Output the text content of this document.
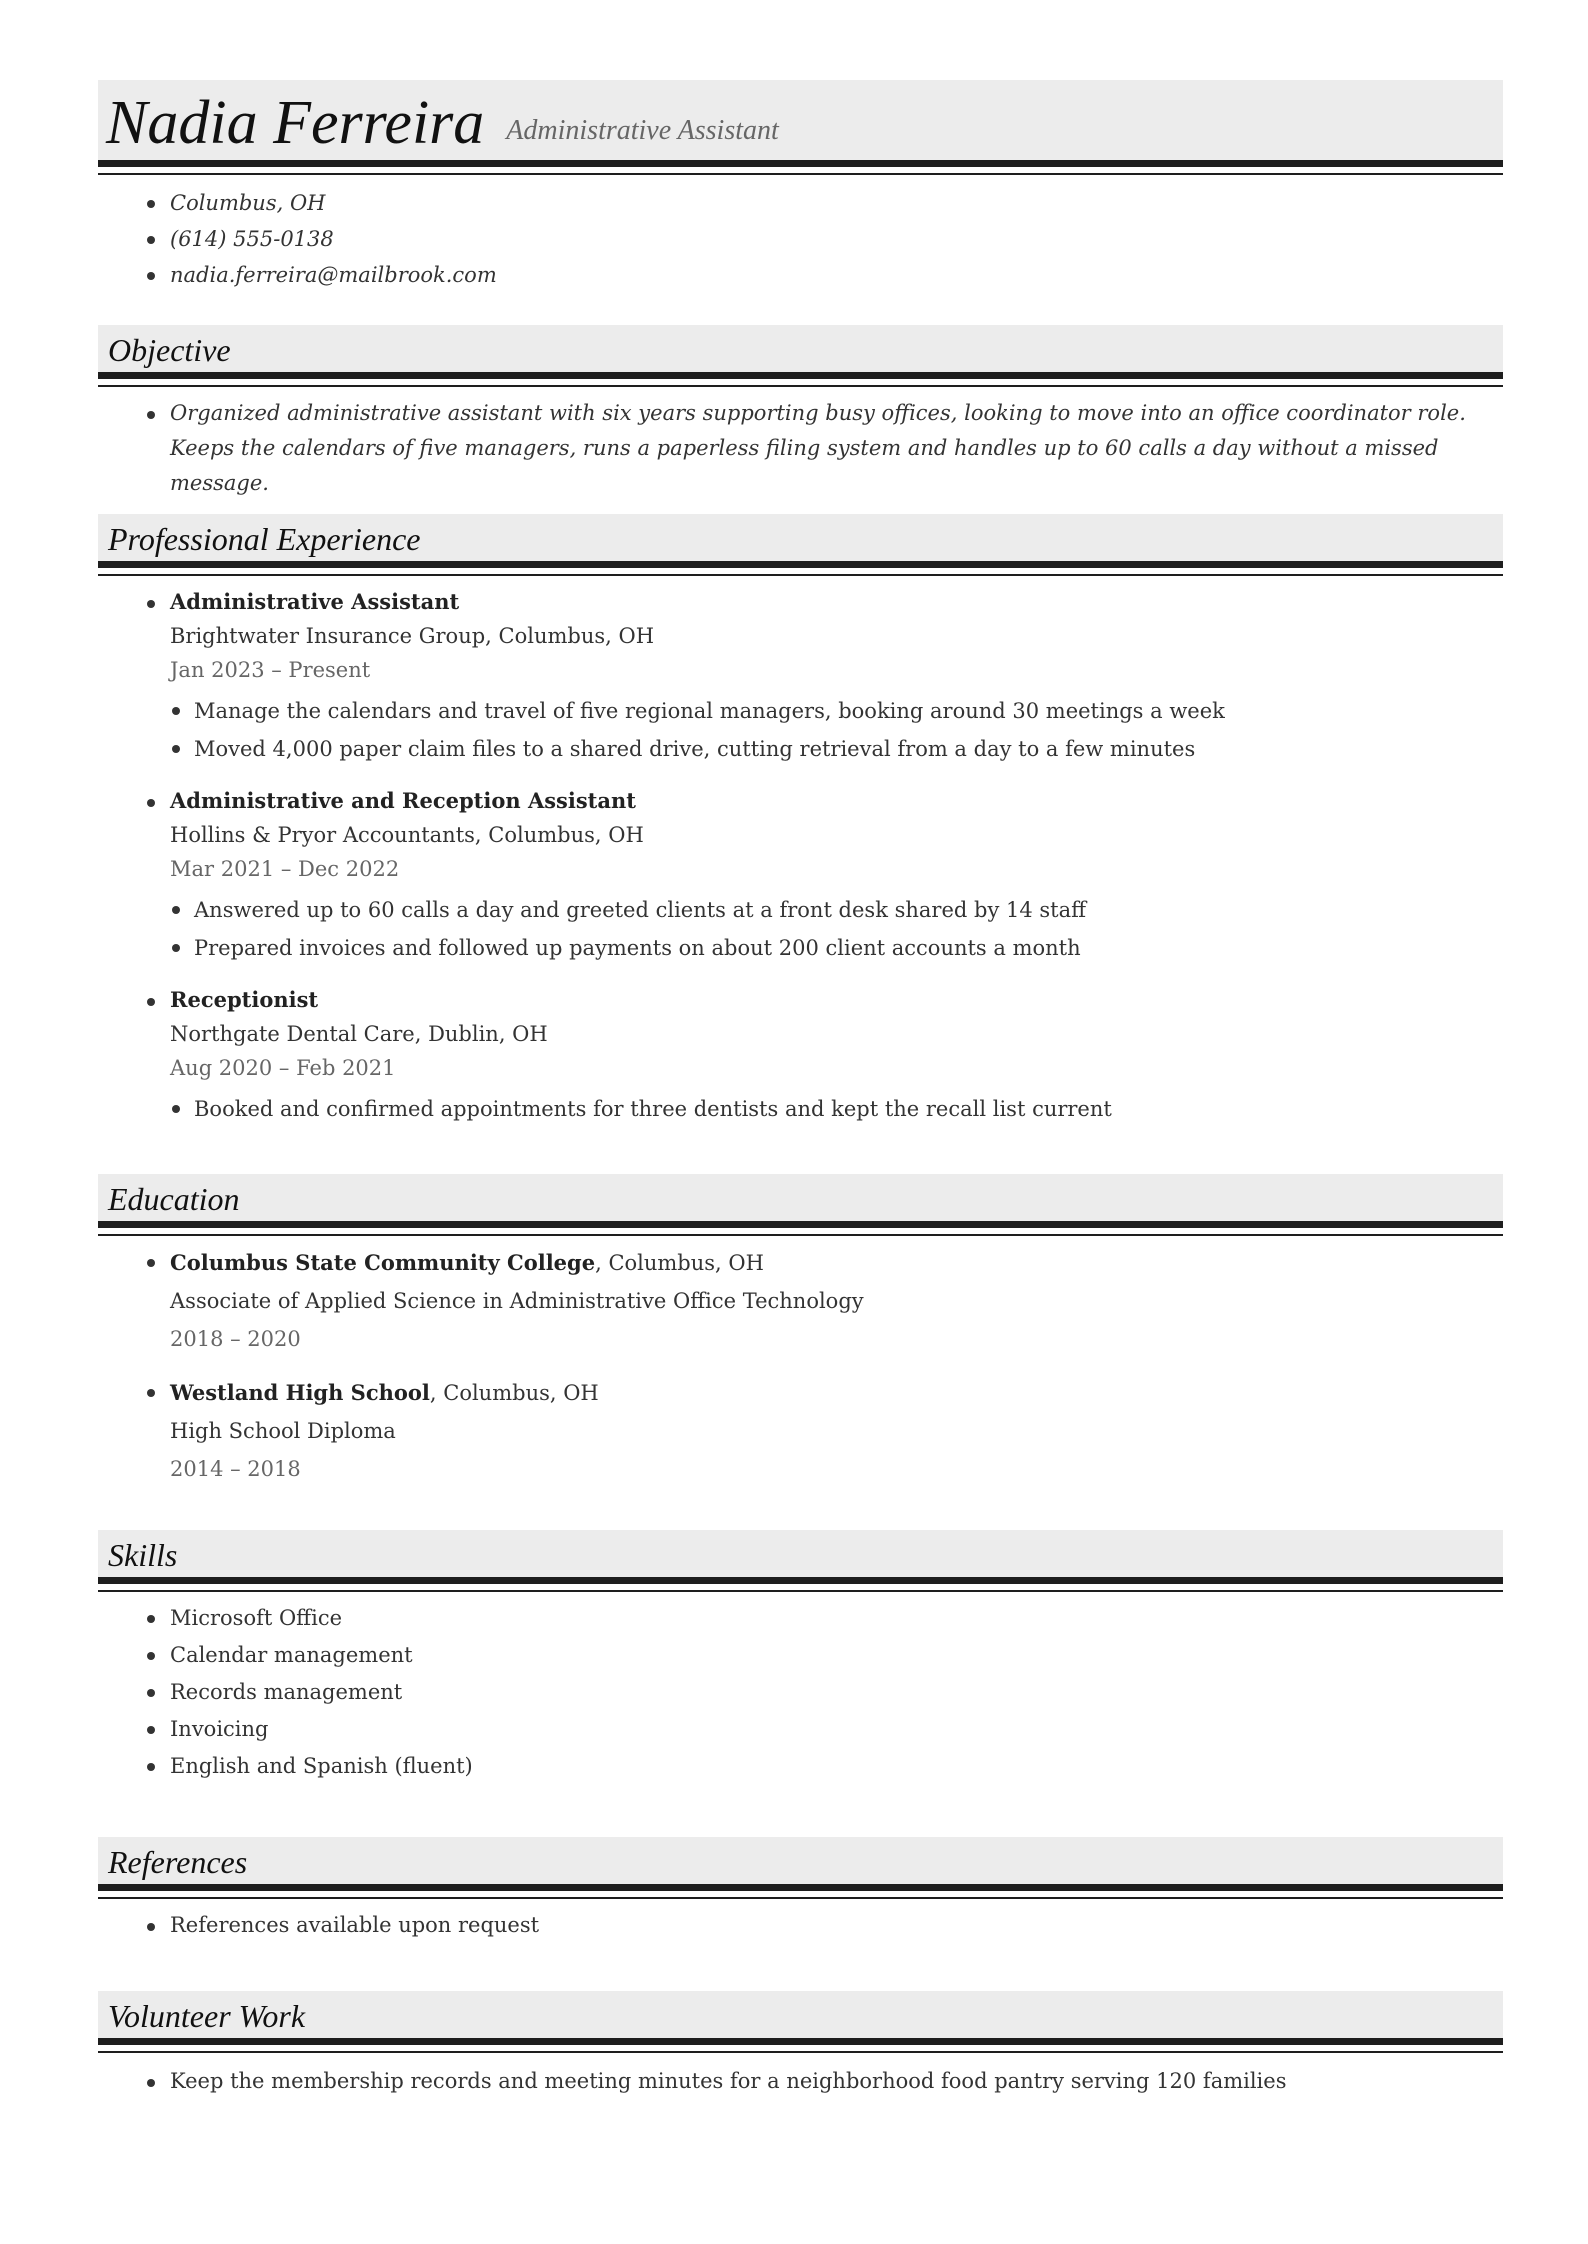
Nadia Ferreira Administrative Assistant
Columbus, OH
(614) 555-0138
nadia.ferreira@mailbrook.com
Objective
Organized administrative assistant with six years supporting busy offices, looking to move into an office coordinator role. Keeps the calendars of five managers, runs a paperless filing system and handles up to 60 calls a day without a missed message.
Professional Experience
Administrative Assistant
Brightwater Insurance Group, Columbus, OH
Jan 2023 – Present
Manage the calendars and travel of five regional managers, booking around 30 meetings a week
Moved 4,000 paper claim files to a shared drive, cutting retrieval from a day to a few minutes
Administrative and Reception Assistant
Hollins & Pryor Accountants, Columbus, OH
Mar 2021 – Dec 2022
Answered up to 60 calls a day and greeted clients at a front desk shared by 14 staff
Prepared invoices and followed up payments on about 200 client accounts a month
Receptionist
Northgate Dental Care, Dublin, OH
Aug 2020 – Feb 2021
Booked and confirmed appointments for three dentists and kept the recall list current
Education
Columbus State Community College, Columbus, OH
Associate of Applied Science in Administrative Office Technology
2018 – 2020
Westland High School, Columbus, OH
High School Diploma
2014 – 2018
Skills
Microsoft Office
Calendar management
Records management
Invoicing
English and Spanish (fluent)
References
References available upon request
Volunteer Work
Keep the membership records and meeting minutes for a neighborhood food pantry serving 120 families
